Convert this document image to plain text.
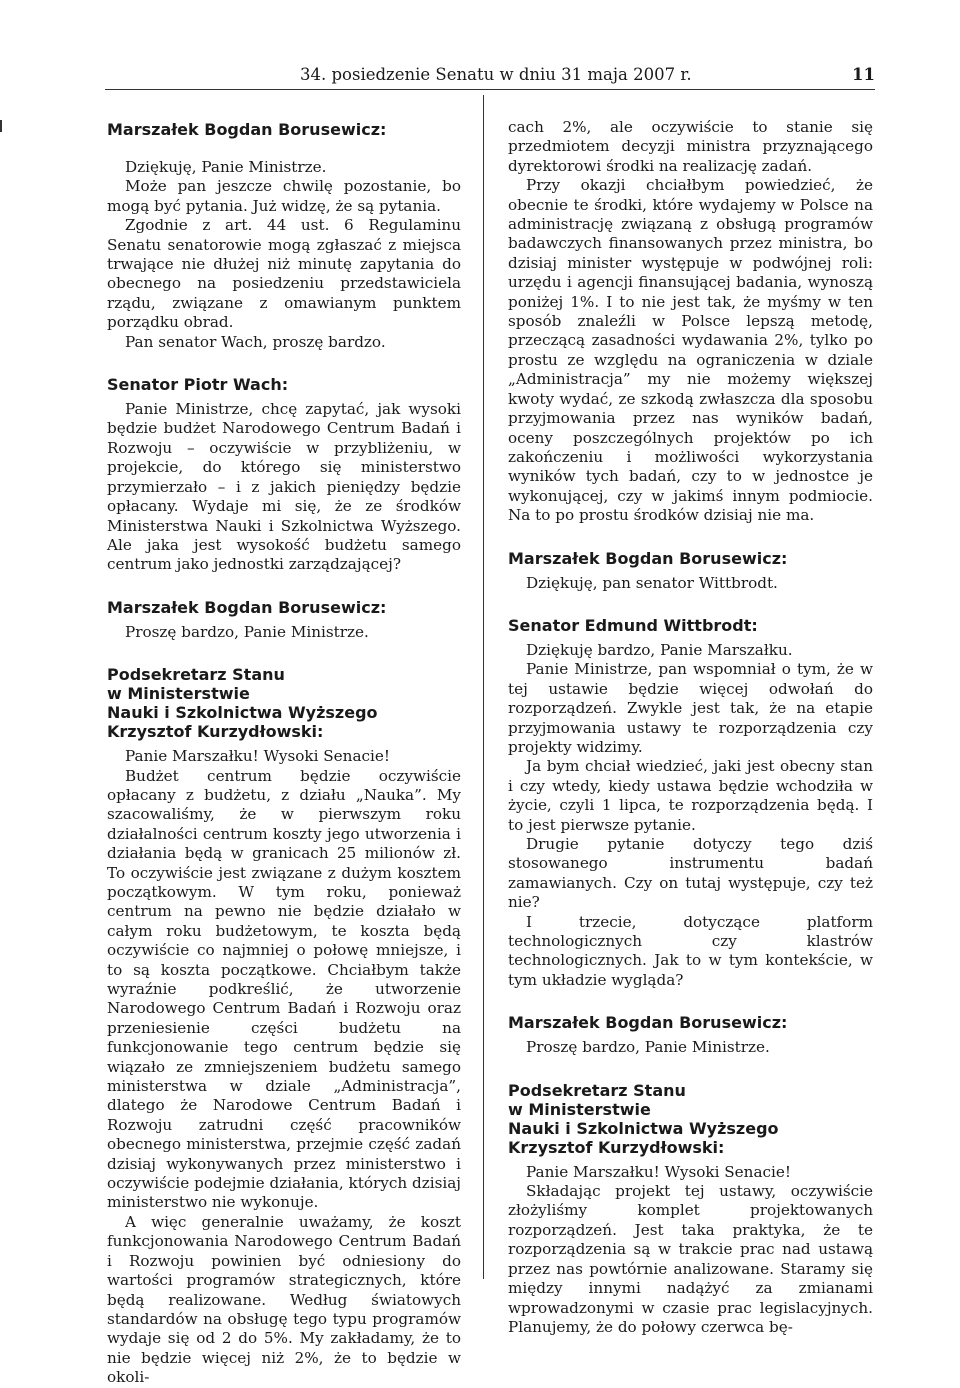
34. posiedzenie Senatu w dniu 31 maja 2007 r.	11
Marszałek Bogdan Borusewicz:

Dziękuję, Panie Ministrze.

Może pan jeszcze chwilę pozostanie, bo mogą być pytania. Już widzę, że są pytania.

Zgodnie z art. 44 ust. 6 Regulaminu Senatu senatorowie mogą zgłaszać z miejsca trwające nie dłużej niż minutę zapytania do obecnego na posiedzeniu przedstawiciela rządu, związane z omawianym punktem porządku obrad.

Pan senator Wach, proszę bardzo.

Senator Piotr Wach:

Panie Ministrze, chcę zapytać, jak wysoki będzie budżet Narodowego Centrum Badań i Rozwoju – oczywiście w przybliżeniu, w projekcie, do którego się ministerstwo przymierzało – i z jakich pieniędzy będzie opłacany. Wydaje mi się, że ze środków Ministerstwa Nauki i Szkolnictwa Wyższego. Ale jaka jest wysokość budżetu samego centrum jako jednostki zarządzającej?

Marszałek Bogdan Borusewicz:

Proszę bardzo, Panie Ministrze.

Podsekretarz Stanu
w Ministerstwie
Nauki i Szkolnictwa Wyższego
Krzysztof Kurzydłowski:

Panie Marszałku! Wysoki Senacie!

Budżet centrum będzie oczywiście opłacany z budżetu, z działu „Nauka”. My szacowaliśmy, że w pierwszym roku działalności centrum koszty jego utworzenia i działania będą w granicach 25 milionów zł. To oczywiście jest związane z dużym kosztem początkowym. W tym roku, ponieważ centrum na pewno nie będzie działało w całym roku budżetowym, te koszta będą oczywiście co najmniej o połowę mniejsze, i to są koszta początkowe. Chciałbym także wyraźnie podkreślić, że utworzenie Narodowego Centrum Badań i Rozwoju oraz przeniesienie części budżetu na funkcjonowanie tego centrum będzie się wiązało ze zmniejszeniem budżetu samego ministerstwa w dziale „Administracja”, dlatego że Narodowe Centrum Badań i Rozwoju zatrudni część pracowników obecnego ministerstwa, przejmie część zadań dzisiaj wykonywanych przez ministerstwo i oczywiście podejmie działania, których dzisiaj ministerstwo nie wykonuje.

A więc generalnie uważamy, że koszt funkcjonowania Narodowego Centrum Badań i Rozwoju powinien być odniesiony do wartości programów strategicznych, które będą realizowane. Według światowych standardów na obsługę tego typu programów wydaje się od 2 do 5%. My zakładamy, że to nie będzie więcej niż 2%, że to będzie w okoli-

cach 2%, ale oczywiście to stanie się przedmiotem decyzji ministra przyznającego dyrektorowi środki na realizację zadań.

Przy okazji chciałbym powiedzieć, że obecnie te środki, które wydajemy w Polsce na administrację związaną z obsługą programów badawczych finansowanych przez ministra, bo dzisiaj minister występuje w podwójnej roli: urzędu i agencji finansującej badania, wynoszą poniżej 1%. I to nie jest tak, że myśmy w ten sposób znaleźli w Polsce lepszą metodę, przeczącą zasadności wydawania 2%, tylko po prostu ze względu na ograniczenia w dziale „Administracja” my nie możemy większej kwoty wydać, ze szkodą zwłaszcza dla sposobu przyjmowania przez nas wyników badań, oceny poszczególnych projektów po ich zakończeniu i możliwości wykorzystania wyników tych badań, czy to w jednostce je wykonującej, czy w jakimś innym podmiocie. Na to po prostu środków dzisiaj nie ma.

Marszałek Bogdan Borusewicz:

Dziękuję, pan senator Wittbrodt.

Senator Edmund Wittbrodt:

Dziękuję bardzo, Panie Marszałku.

Panie Ministrze, pan wspomniał o tym, że w tej ustawie będzie więcej odwołań do rozporządzeń. Zwykle jest tak, że na etapie przyjmowania ustawy te rozporządzenia czy projekty widzimy.

Ja bym chciał wiedzieć, jaki jest obecny stan i czy wtedy, kiedy ustawa będzie wchodziła w życie, czyli 1 lipca, te rozporządzenia będą. I to jest pierwsze pytanie.

Drugie pytanie dotyczy tego dziś stosowanego instrumentu badań zamawianych. Czy on tutaj występuje, czy też nie?

I trzecie, dotyczące platform technologicznych czy klastrów technologicznych. Jak to w tym kontekście, w tym układzie wygląda?

Marszałek Bogdan Borusewicz:

Proszę bardzo, Panie Ministrze.

Podsekretarz Stanu
w Ministerstwie
Nauki i Szkolnictwa Wyższego
Krzysztof Kurzydłowski:

Panie Marszałku! Wysoki Senacie!

Składając projekt tej ustawy, oczywiście złożyliśmy komplet projektowanych rozporządzeń. Jest taka praktyka, że te rozporządzenia są w trakcie prac nad ustawą przez nas powtórnie analizowane. Staramy się między innymi nadążyć za zmianami wprowadzonymi w czasie prac legislacyjnych. Planujemy, że do połowy czerwca bę-
